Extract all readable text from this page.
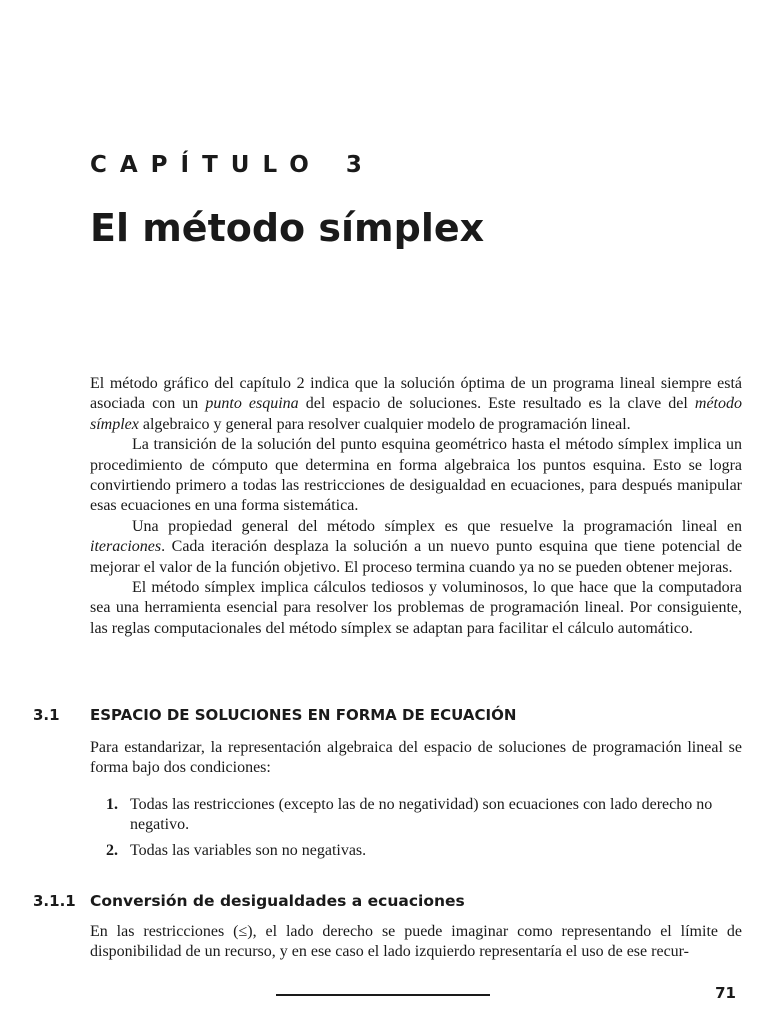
CAPÍTULO 3
El método símplex

El método gráfico del capítulo 2 indica que la solución óptima de un programa lineal siempre está asociada con un punto esquina del espacio de soluciones. Este resultado es la clave del método símplex algebraico y general para resolver cualquier modelo de programación lineal.

La transición de la solución del punto esquina geométrico hasta el método símplex implica un procedimiento de cómputo que determina en forma algebraica los puntos esquina. Esto se logra convirtiendo primero a todas las restricciones de desigualdad en ecuaciones, para después manipular esas ecuaciones en una forma sistemática.

Una propiedad general del método símplex es que resuelve la programación lineal en iteraciones. Cada iteración desplaza la solución a un nuevo punto esquina que tiene potencial de mejorar el valor de la función objetivo. El proceso termina cuando ya no se pueden obtener mejoras.

El método símplex implica cálculos tediosos y voluminosos, lo que hace que la computadora sea una herramienta esencial para resolver los problemas de programación lineal. Por consiguiente, las reglas computacionales del método símplex se adaptan para facilitar el cálculo automático.

3.1 ESPACIO DE SOLUCIONES EN FORMA DE ECUACIÓN

Para estandarizar, la representación algebraica del espacio de soluciones de programación lineal se forma bajo dos condiciones:

1. Todas las restricciones (excepto las de no negatividad) son ecuaciones con lado derecho no negativo.
2. Todas las variables son no negativas.
3.1.1 Conversión de desigualdades a ecuaciones

En las restricciones (≤), el lado derecho se puede imaginar como representando el límite de disponibilidad de un recurso, y en ese caso el lado izquierdo representaría el uso de ese recur-

71
